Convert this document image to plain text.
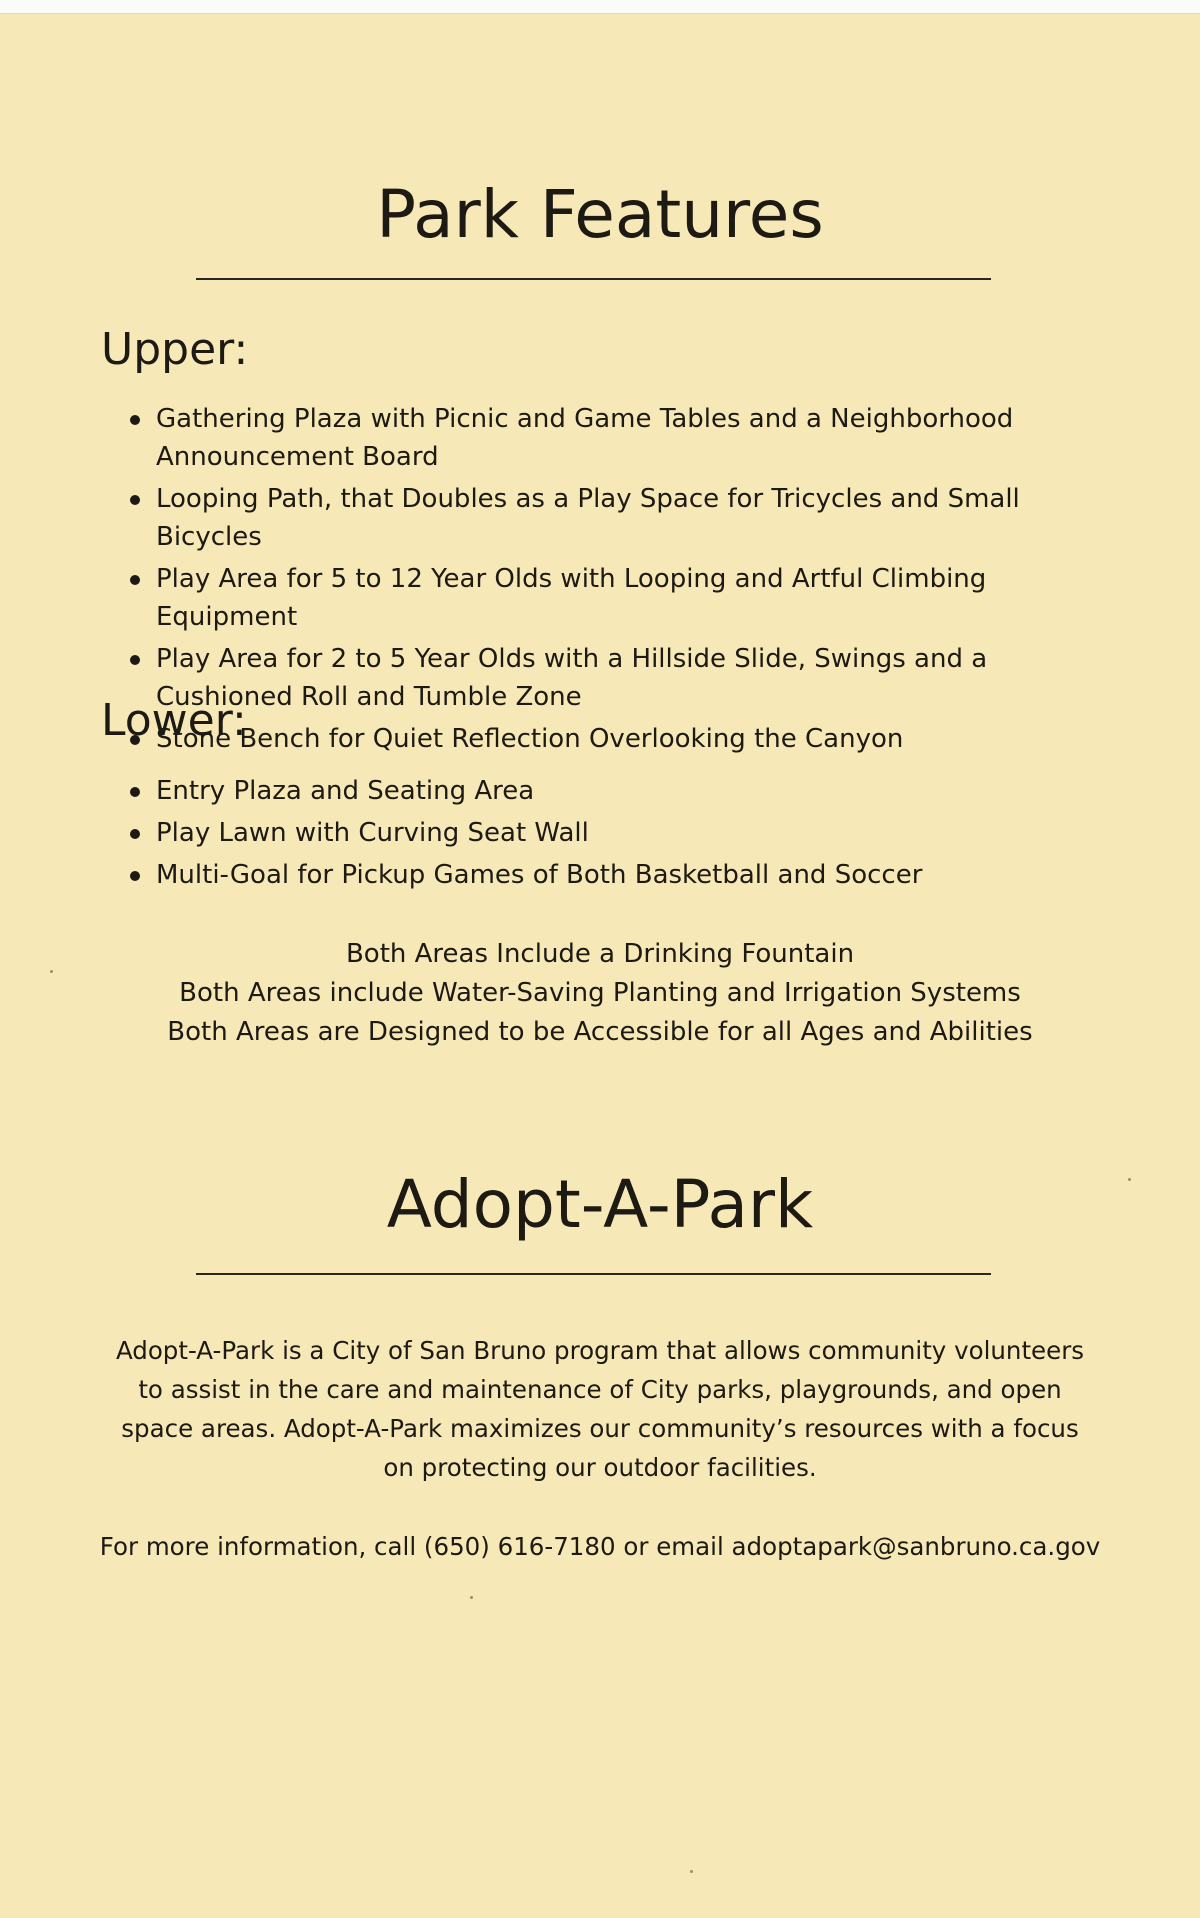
Park Features
Upper:
Gathering Plaza with Picnic and Game Tables and a Neighborhood Announcement Board
Looping Path, that Doubles as a Play Space for Tricycles and Small Bicycles
Play Area for 5 to 12 Year Olds with Looping and Artful Climbing Equipment
Play Area for 2 to 5 Year Olds with a Hillside Slide, Swings and a Cushioned Roll and Tumble Zone
Stone Bench for Quiet Reflection Overlooking the Canyon
Lower:
Entry Plaza and Seating Area
Play Lawn with Curving Seat Wall
Multi-Goal for Pickup Games of Both Basketball and Soccer
Both Areas Include a Drinking Fountain
Both Areas include Water-Saving Planting and Irrigation Systems
Both Areas are Designed to be Accessible for all Ages and Abilities
Adopt-A-Park

Adopt-A-Park is a City of San Bruno program that allows community volunteers to assist in the care and maintenance of City parks, playgrounds, and open space areas. Adopt-A-Park maximizes our community’s resources with a focus on protecting our outdoor facilities.

For more information, call (650) 616-7180 or email adoptapark@sanbruno.ca.gov
